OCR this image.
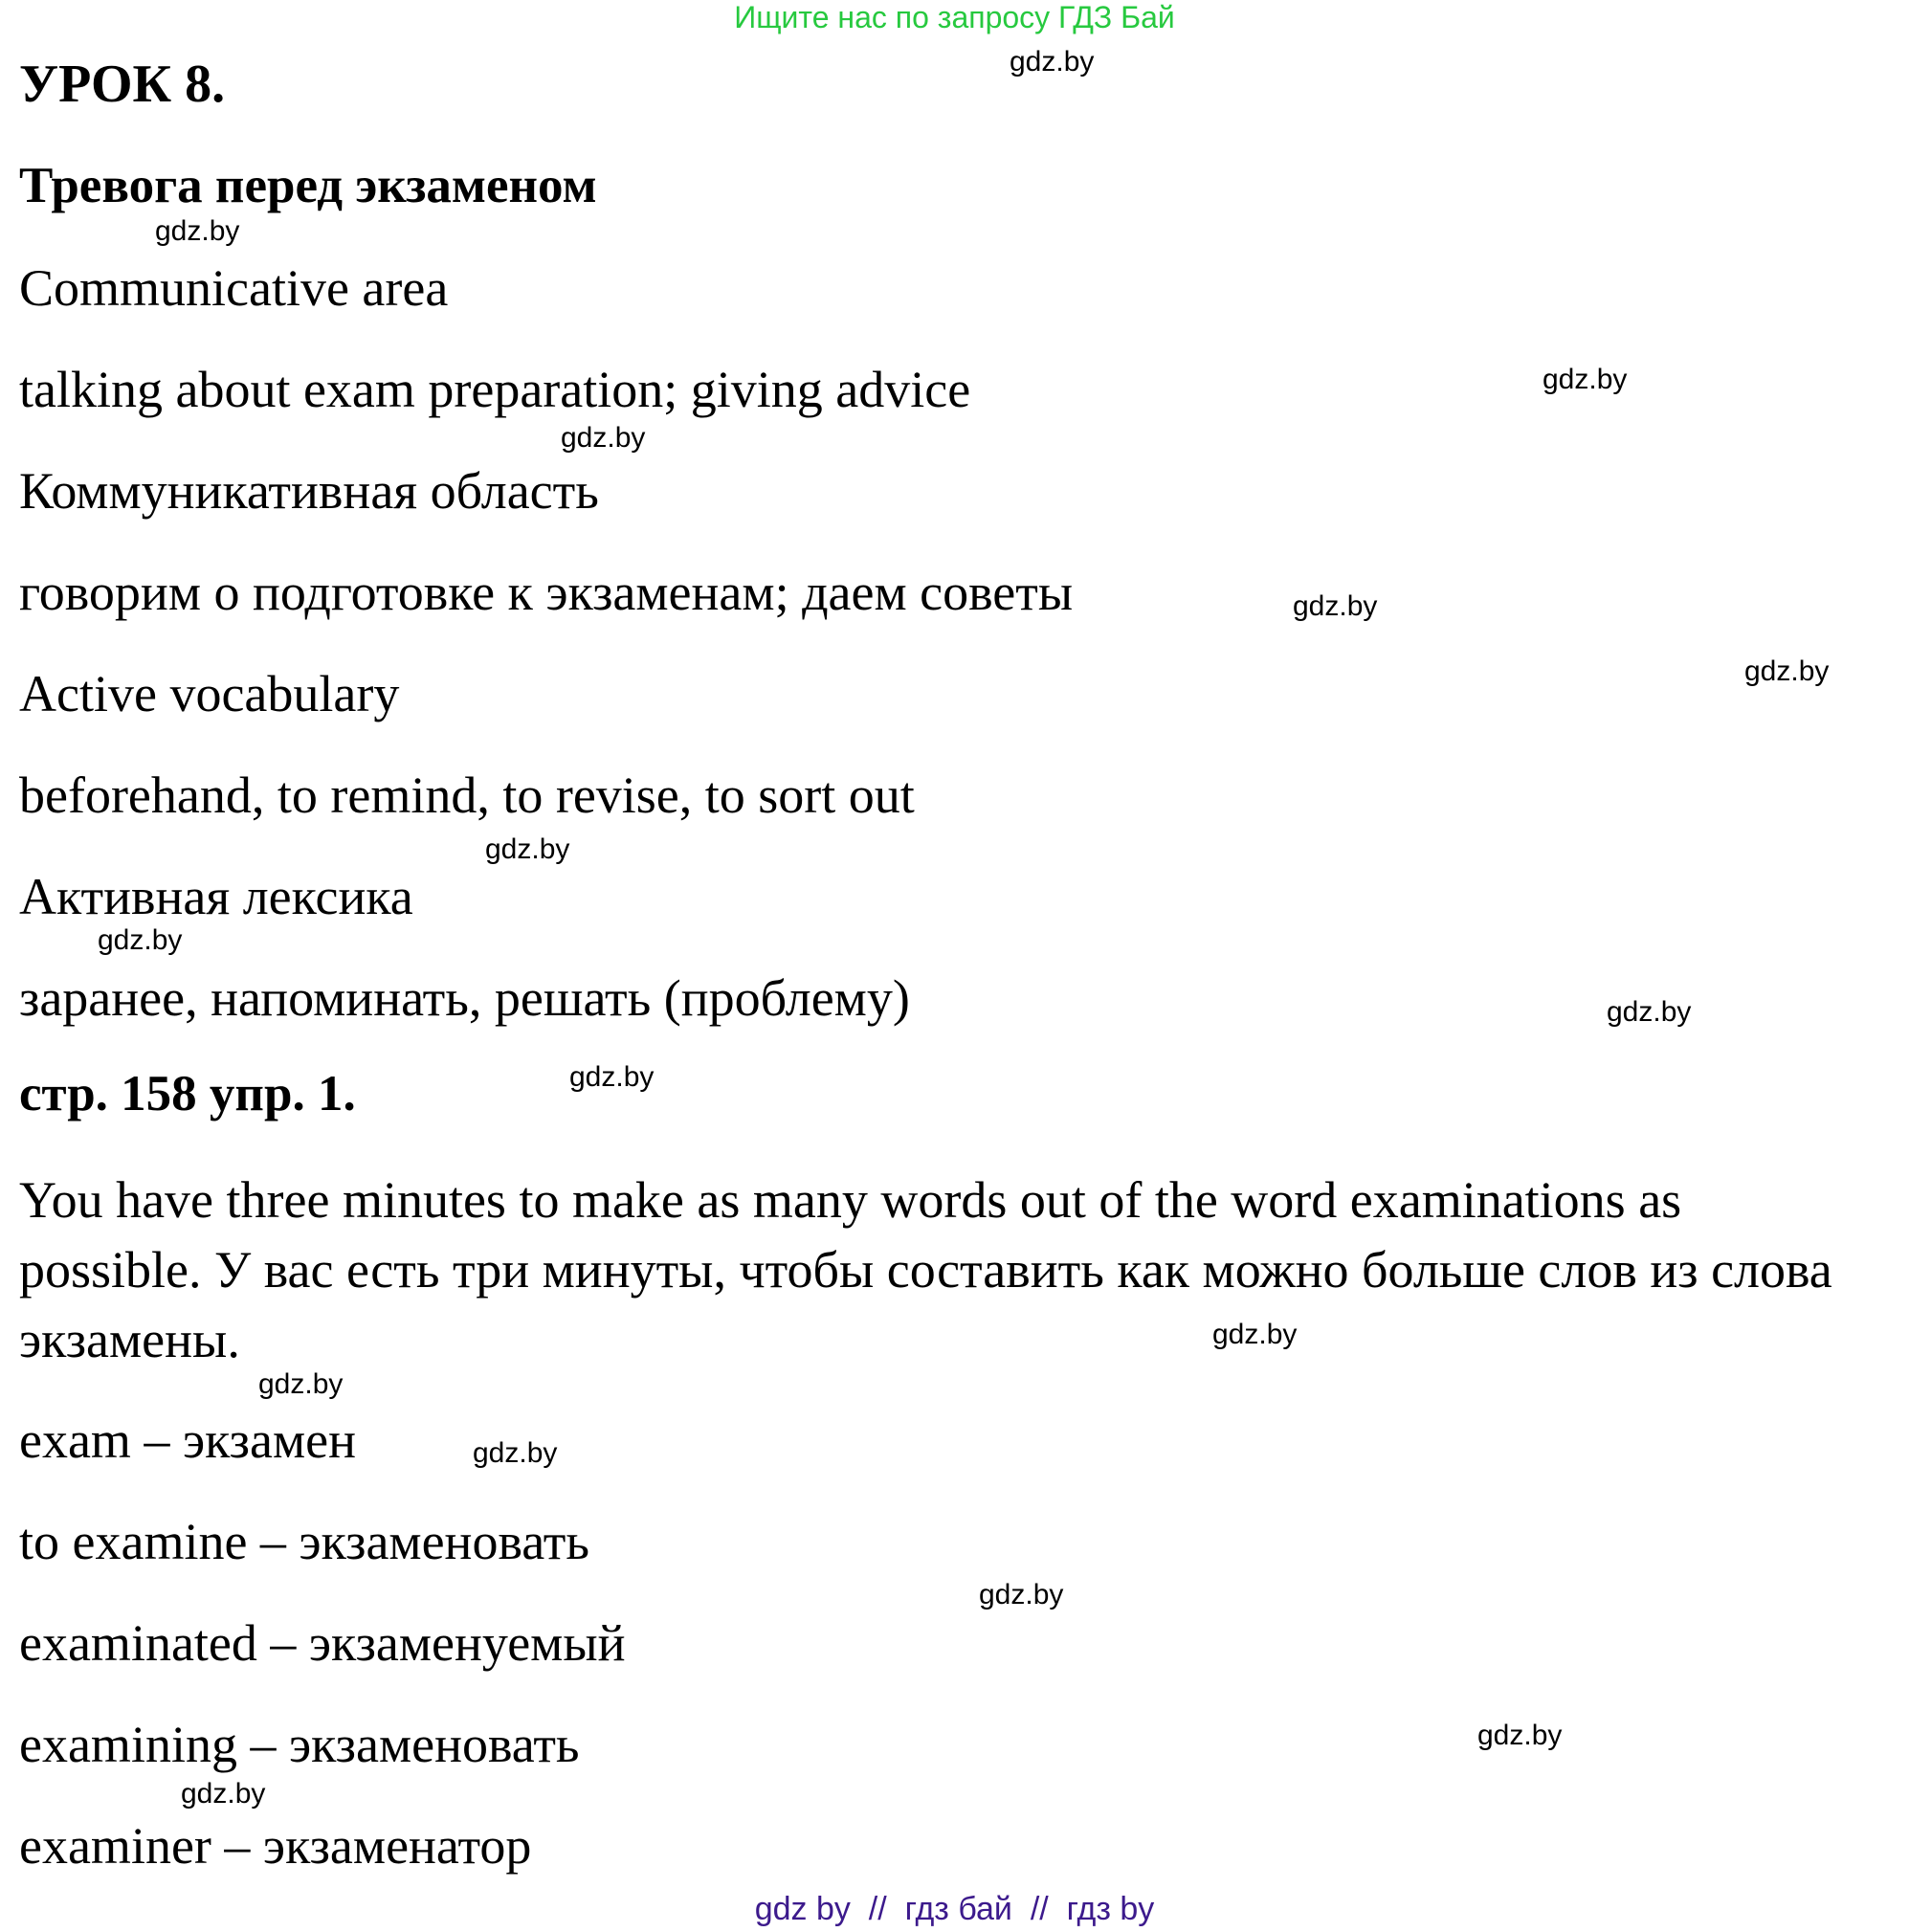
Ищите нас по запросу ГДЗ Бай
УРОК 8.
Тревога перед экзаменом
Communicative area
talking about exam preparation; giving advice
Коммуникативная область
говорим о подготовке к экзаменам; даем советы
Active vocabulary
beforehand, to remind, to revise, to sort out
Активная лексика
заранее, напоминать, решать (проблему)
стр. 158 упр. 1.
You have three minutes to make as many words out of the word examinations as possible. У вас есть три минуты, чтобы составить как можно больше слов из слова экзамены.
exam – экзамен
to examine – экзаменовать
examinated – экзаменуемый
examining – экзаменовать
examiner – экзаменатор
gdz.by
gdz.by
gdz.by
gdz.by
gdz.by
gdz.by
gdz.by
gdz.by
gdz.by
gdz.by
gdz.by
gdz.by
gdz.by
gdz.by
gdz.by
gdz.by
gdz by  //  гдз бай  //  гдз by
